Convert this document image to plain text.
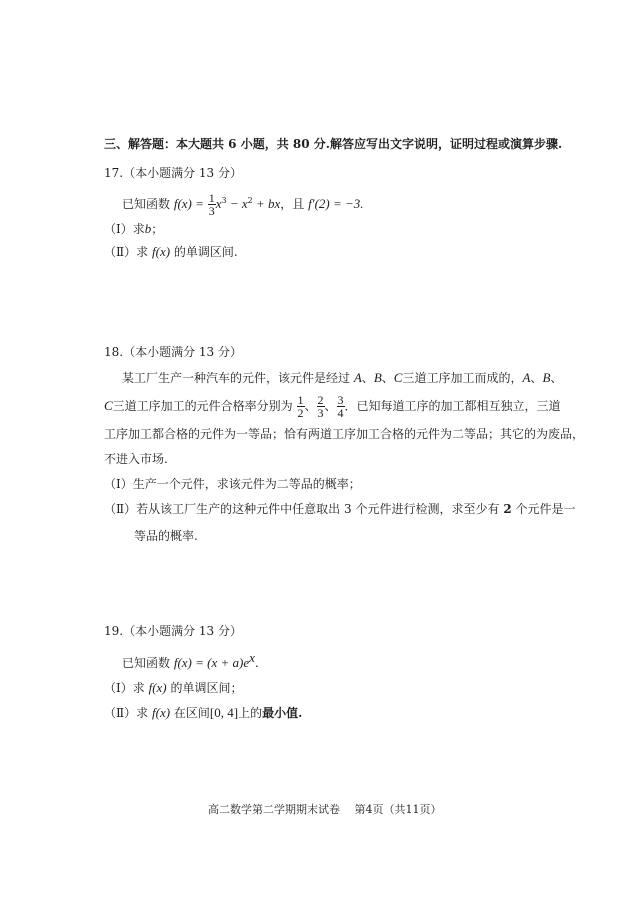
三、解答题：本大题共 6 小题，共 80 分.解答应写出文字说明，证明过程或演算步骤.
17.（本小题满分 13 分）
已知函数 $f(x) = \frac{1}{3} x^3 - x^2$ + bx，且 f′(2) = −3.
（Ⅰ）求b；
（Ⅱ）求 f(x) 的单调区间.
18.（本小题满分 13 分）
某工厂生产一种汽车的元件，该元件是经过 A、B、C三道工序加工而成的，A、B、
C三道工序加工的元件合格率分别为 $\frac{1}{2}$ 、 $\frac{2}{3}$ 、 $\frac{3}{4}$ ．已知每道工序的加工都相互独立，三道
工序加工都合格的元件为一等品；恰有两道工序加工合格的元件为二等品；其它的为废品，
不进入市场.
（Ⅰ）生产一个元件，求该元件为二等品的概率；
（Ⅱ）若从该工厂生产的这种元件中任意取出 3 个元件进行检测，求至少有 2 个元件是一
等品的概率.
19.（本小题满分 13 分）
已知函数 $f(x) = (x + a)e^x$.
（Ⅰ）求 f(x) 的单调区间；
（Ⅱ）求 f(x) 在区间[0, 4]上的最小值.
高二数学第二学期期末试卷　 第4页（共11页）
